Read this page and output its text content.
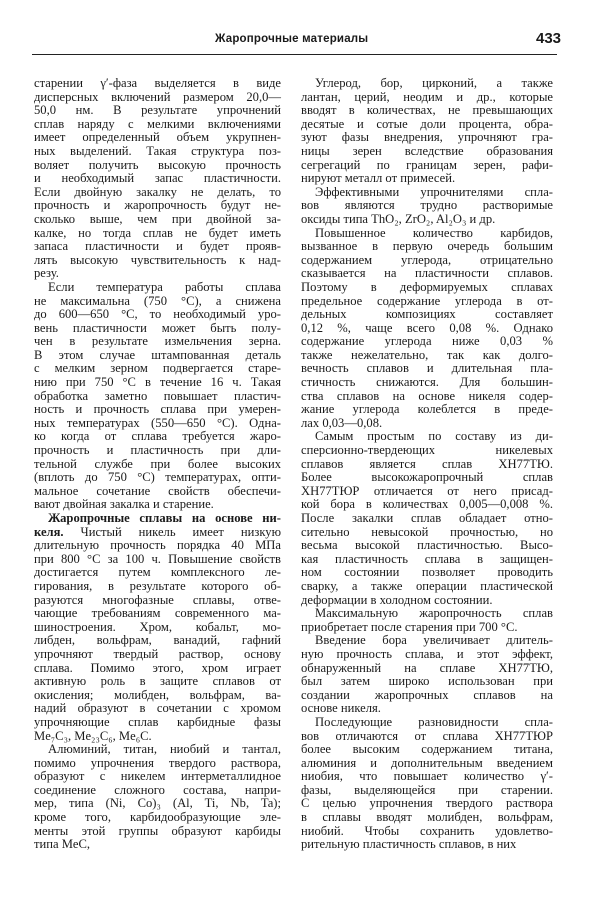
Жаропрочные материалы	433
старении γ′-фаза выделяется в виде
дисперсных включений размером 20,0—
50,0 нм. В результате упрочнений
сплав наряду с мелкими включениями
имеет определенный объем укрупнен-
ных выделений. Такая структура поз-
воляет получить высокую прочность
и необходимый запас пластичности.
Если двойную закалку не делать, то
прочность и жаропрочность будут не-
сколько выше, чем при двойной за-
калке, но тогда сплав не будет иметь
запаса пластичности и будет прояв-
лять высокую чувствительность к над-
резу.
Если температура работы сплава
не максимальна (750 °С), а снижена
до 600—650 °С, то необходимый уро-
вень пластичности может быть полу-
чен в результате измельчения зерна.
В этом случае штампованная деталь
с мелким зерном подвергается старе-
нию при 750 °С в течение 16 ч. Такая
обработка заметно повышает пластич-
ность и прочность сплава при умерен-
ных температурах (550—650 °С). Одна-
ко когда от сплава требуется жаро-
прочность и пластичность при дли-
тельной службе при более высоких
(вплоть до 750 °С) температурах, опти-
мальное сочетание свойств обеспечи-
вают двойная закалка и старение.
Жаропрочные сплавы на основе ни-
келя. Чистый никель имеет низкую
длительную прочность порядка 40 МПа
при 800 °С за 100 ч. Повышение свойств
достигается путем комплексного ле-
гирования, в результате которого об-
разуются многофазные сплавы, отве-
чающие требованиям современного ма-
шиностроения. Хром, кобальт, мо-
либден, вольфрам, ванадий, гафний
упрочняют твердый раствор, основу
сплава. Помимо этого, хром играет
активную роль в защите сплавов от
окисления; молибден, вольфрам, ва-
надий образуют в сочетании с хромом
упрочняющие сплав карбидные фазы
Me₇C₃, Me₂₃C₆, Me₆C.
Алюминий, титан, ниобий и тантал,
помимо упрочнения твердого раствора,
образуют с никелем интерметаллидное
соединение сложного состава, напри-
мер, типа (Ni, Co)₃ (Al, Ti, Nb, Ta);
кроме того, карбидообразующие эле-
менты этой группы образуют карбиды
типа MeC,
Углерод, бор, цирконий, а также
лантан, церий, неодим и др., которые
вводят в количествах, не превышающих
десятые и сотые доли процента, обра-
зуют фазы внедрения, упрочняют гра-
ницы зерен вследствие образования
сегрегаций по границам зерен, рафи-
нируют металл от примесей.
Эффективными упрочнителями спла-
вов являются трудно растворимые
оксиды типа ThO₂, ZrO₂, Al₂O₃ и др.
Повышенное количество карбидов,
вызванное в первую очередь большим
содержанием углерода, отрицательно
сказывается на пластичности сплавов.
Поэтому в деформируемых сплавах
предельное содержание углерода в от-
дельных композициях составляет
0,12 %, чаще всего 0,08 %. Однако
содержание углерода ниже 0,03 %
также нежелательно, так как долго-
вечность сплавов и длительная пла-
стичность снижаются. Для большин-
ства сплавов на основе никеля содер-
жание углерода колеблется в преде-
лах 0,03—0,08.
Самым простым по составу из ди-
сперсионно-твердеющих никелевых
сплавов является сплав ХН77ТЮ.
Более высокожаропрочный сплав
ХН77ТЮР отличается от него присад-
кой бора в количествах 0,005—0,008 %.
После закалки сплав обладает отно-
сительно невысокой прочностью, но
весьма высокой пластичностью. Высо-
кая пластичность сплава в защищен-
ном состоянии позволяет проводить
сварку, а также операции пластической
деформации в холодном состоянии.
Максимальную жаропрочность сплав
приобретает после старения при 700 °С.
Введение бора увеличивает длитель-
ную прочность сплава, и этот эффект,
обнаруженный на сплаве ХН77ТЮ,
был затем широко использован при
создании жаропрочных сплавов на
основе никеля.
Последующие разновидности спла-
вов отличаются от сплава ХН77ТЮР
более высоким содержанием титана,
алюминия и дополнительным введением
ниобия, что повышает количество γ′-
фазы, выделяющейся при старении.
С целью упрочнения твердого раствора
в сплавы вводят молибден, вольфрам,
ниобий. Чтобы сохранить удовлетво-
рительную пластичность сплавов, в них
